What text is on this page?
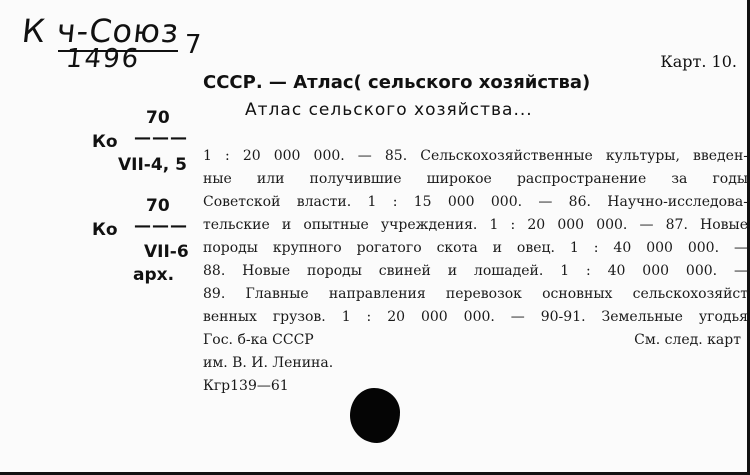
К ч-Союз
1496 7
Карт. 10.
СССР. — Атлас( сельского хозяйства)
Атлас сельского хозяйства...
70
Ко ———
VII-4, 5
70
Ко ———
VII-6
арх.
1 : 20 000 000. — 85. Сельскохозяйственные культуры, введен-
ные или получившие широкое распространение за годы
Советской власти. 1 : 15 000 000. — 86. Научно-исследова-
тельские и опытные учреждения. 1 : 20 000 000. — 87. Новые
породы крупного рогатого скота и овец. 1 : 40 000 000. —
88. Новые породы свиней и лошадей. 1 : 40 000 000. —
89. Главные направления перевозок основных сельскохозяйст
венных грузов. 1 : 20 000 000. — 90-91. Земельные угодья
Гос. б-ка СССР	См. след. карт
им. В. И. Ленина.
Кгр139—61
